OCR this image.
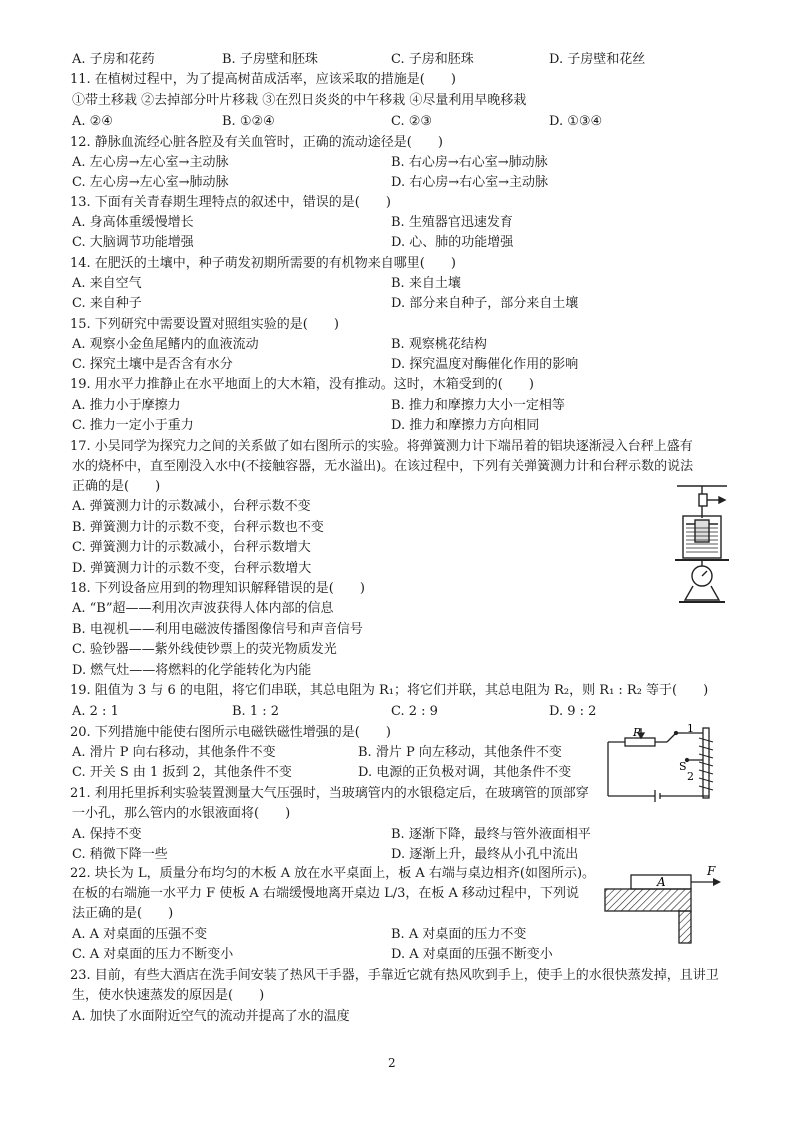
A. 子房和花药	B. 子房壁和胚珠	C. 子房和胚珠	D. 子房壁和花丝
11. 在植树过程中，为了提高树苗成活率，应该采取的措施是(　　)
①带土移栽 ②去掉部分叶片移栽 ③在烈日炎炎的中午移栽 ④尽量利用早晚移栽
A. ②④	B. ①②④	C. ②③	D. ①③④
12. 静脉血流经心脏各腔及有关血管时，正确的流动途径是(　　)
A. 左心房→左心室→主动脉	B. 右心房→右心室→肺动脉
C. 左心房→左心室→肺动脉	D. 右心房→右心室→主动脉
13. 下面有关青春期生理特点的叙述中，错误的是(　　)
A. 身高体重缓慢增长	B. 生殖器官迅速发育
C. 大脑调节功能增强	D. 心、肺的功能增强
14. 在肥沃的土壤中，种子萌发初期所需要的有机物来自哪里(　　)
A. 来自空气	B. 来自土壤
C. 来自种子	D. 部分来自种子，部分来自土壤
15. 下列研究中需要设置对照组实验的是(　　)
A. 观察小金鱼尾鳍内的血液流动	B. 观察桃花结构
C. 探究土壤中是否含有水分	D. 探究温度对酶催化作用的影响
19. 用水平力推静止在水平地面上的大木箱，没有推动。这时，木箱受到的(　　)
A. 推力小于摩擦力	B. 推力和摩擦力大小一定相等
C. 推力一定小于重力	D. 推力和摩擦力方向相同
17. 小吴同学为探究力之间的关系做了如右图所示的实验。将弹簧测力计下端吊着的铝块逐渐浸入台秤上盛有
水的烧杯中，直至刚没入水中(不接触容器，无水溢出)。在该过程中，下列有关弹簧测力计和台秤示数的说法
正确的是(　　)
A. 弹簧测力计的示数减小，台秤示数不变
B. 弹簧测力计的示数不变，台秤示数也不变
C. 弹簧测力计的示数减小，台秤示数增大
D. 弹簧测力计的示数不变，台秤示数增大
18. 下列设备应用到的物理知识解释错误的是(　　)
A. “B”超——利用次声波获得人体内部的信息
B. 电视机——利用电磁波传播图像信号和声音信号
C. 验钞器——紫外线使钞票上的荧光物质发光
D. 燃气灶——将燃料的化学能转化为内能
19. 阻值为 3 与 6 的电阻，将它们串联，其总电阻为 R₁；将它们并联，其总电阻为 R₂，则 R₁ : R₂ 等于(　　)
A. 2 : 1	B. 1 : 2	C. 2 : 9	D. 9 : 2
20. 下列措施中能使右图所示电磁铁磁性增强的是(　　)
A. 滑片 P 向右移动，其他条件不变	B. 滑片 P 向左移动，其他条件不变
C. 开关 S 由 1 扳到 2，其他条件不变	D. 电源的正负极对调，其他条件不变
P	1
S
2
21. 利用托里拆利实验装置测量大气压强时，当玻璃管内的水银稳定后，在玻璃管的顶部穿
一小孔，那么管内的水银液面将(　　)
A. 保持不变	B. 逐渐下降，最终与管外液面相平
C. 稍微下降一些	D. 逐渐上升，最终从小孔中流出
22. 块长为 L，质量分布均匀的木板 A 放在水平桌面上，板 A 右端与桌边相齐(如图所示)。
在板的右端施一水平力 F 使板 A 右端缓慢地离开桌边 L/3，在板 A 移动过程中，下列说
法正确的是(　　)
A. A 对桌面的压强不变	B. A 对桌面的压力不变
C. A 对桌面的压力不断变小	D. A 对桌面的压强不断变小
A
F
23. 目前，有些大酒店在洗手间安装了热风干手器，手靠近它就有热风吹到手上，使手上的水很快蒸发掉，且讲卫
生，使水快速蒸发的原因是(　　)
A. 加快了水面附近空气的流动并提高了水的温度
2
